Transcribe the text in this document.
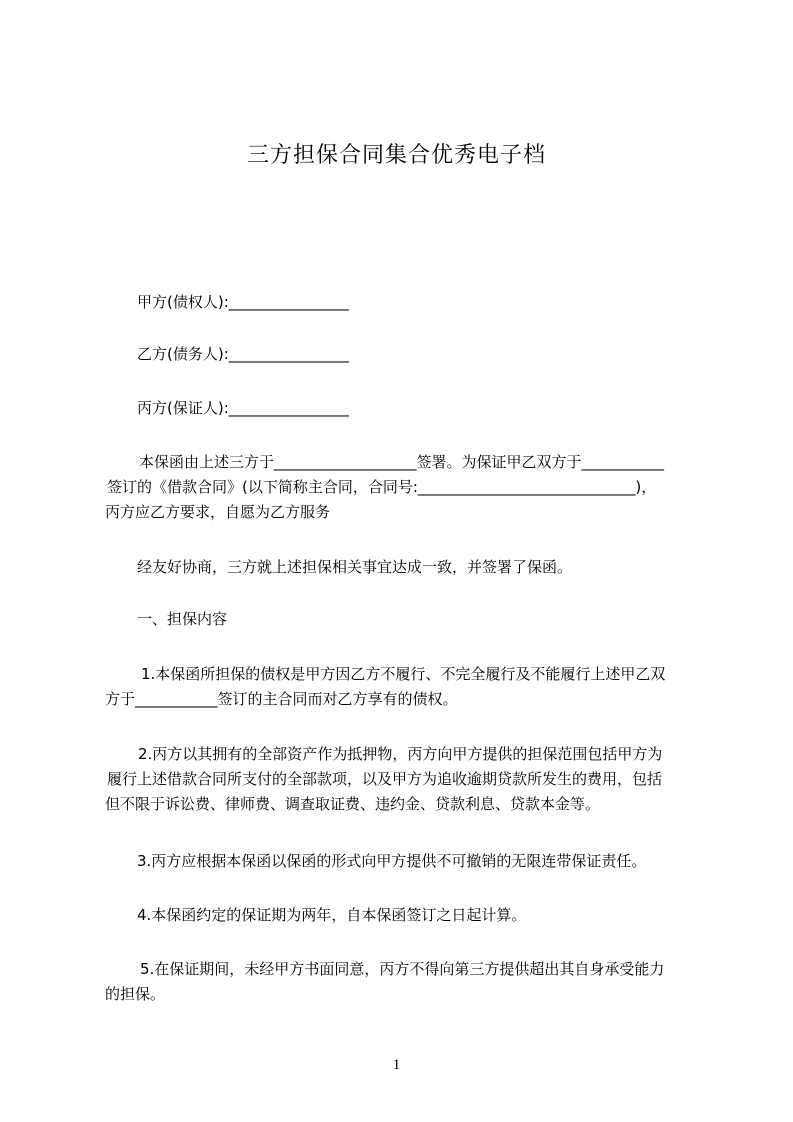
三方担保合同集合优秀电子档
甲方(债权人):________________
乙方(债务人):________________
丙方(保证人):________________
本保函由上述三方于___________________签署。为保证甲乙双方于___________
签订的《借款合同》(以下简称主合同，合同号:_____________________________)，
丙方应乙方要求，自愿为乙方服务
经友好协商，三方就上述担保相关事宜达成一致，并签署了保函。
一、担保内容
1.本保函所担保的债权是甲方因乙方不履行、不完全履行及不能履行上述甲乙双
方于___________签订的主合同而对乙方享有的债权。
2.丙方以其拥有的全部资产作为抵押物，丙方向甲方提供的担保范围包括甲方为
履行上述借款合同所支付的全部款项，以及甲方为追收逾期贷款所发生的费用，包括
但不限于诉讼费、律师费、调查取证费、违约金、贷款利息、贷款本金等。
3.丙方应根据本保函以保函的形式向甲方提供不可撤销的无限连带保证责任。
4.本保函约定的保证期为两年，自本保函签订之日起计算。
5.在保证期间，未经甲方书面同意，丙方不得向第三方提供超出其自身承受能力
的担保。
1
